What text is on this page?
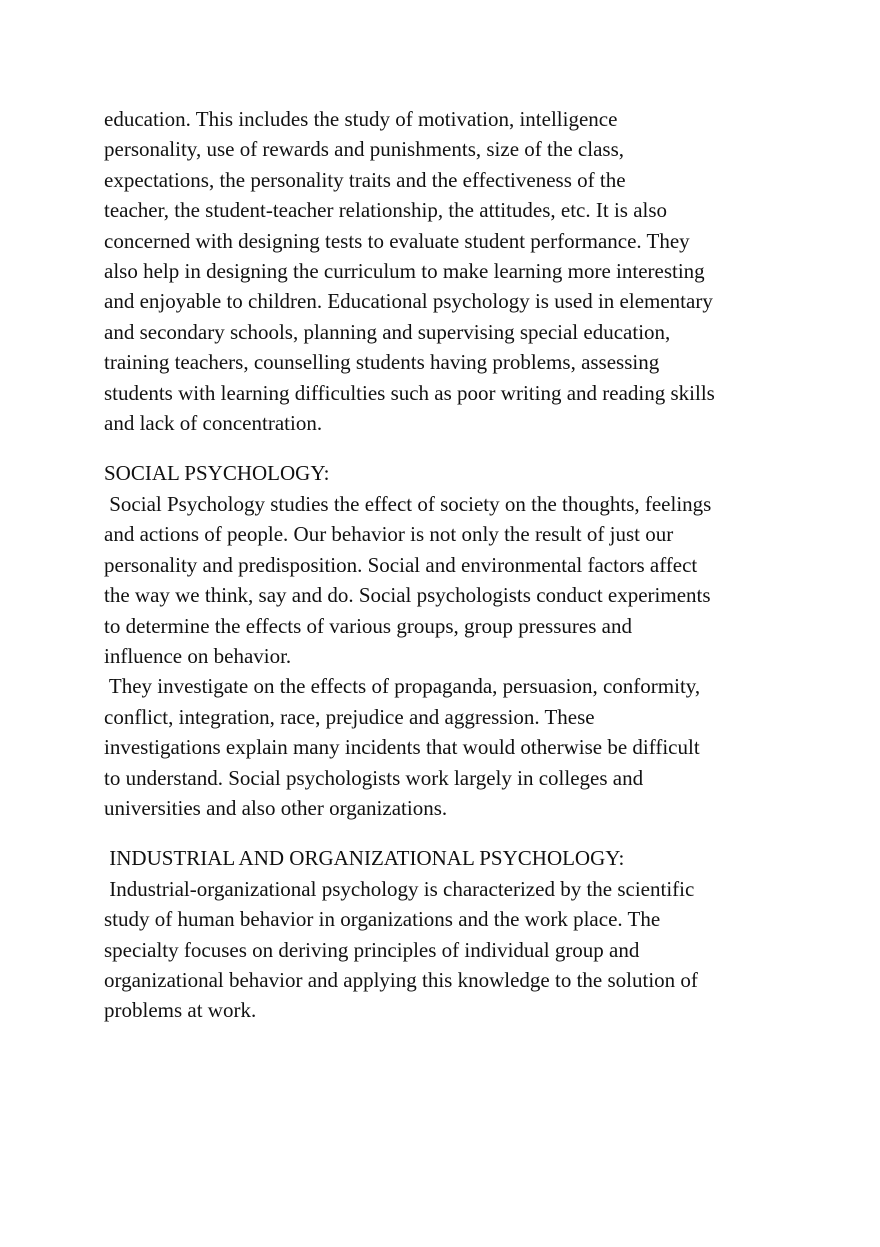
education. This includes the study of motivation, intelligence
personality, use of rewards and punishments, size of the class,
expectations, the personality traits and the effectiveness of the
teacher, the student-teacher relationship, the attitudes, etc. It is also
concerned with designing tests to evaluate student performance. They
also help in designing the curriculum to make learning more interesting
and enjoyable to children. Educational psychology is used in elementary
and secondary schools, planning and supervising special education,
training teachers, counselling students having problems, assessing
students with learning difficulties such as poor writing and reading skills
and lack of concentration.
SOCIAL PSYCHOLOGY:
Social Psychology studies the effect of society on the thoughts, feelings
and actions of people. Our behavior is not only the result of just our
personality and predisposition. Social and environmental factors affect
the way we think, say and do. Social psychologists conduct experiments
to determine the effects of various groups, group pressures and
influence on behavior.
They investigate on the effects of propaganda, persuasion, conformity,
conflict, integration, race, prejudice and aggression. These
investigations explain many incidents that would otherwise be difficult
to understand. Social psychologists work largely in colleges and
universities and also other organizations.
INDUSTRIAL AND ORGANIZATIONAL PSYCHOLOGY:
Industrial-organizational psychology is characterized by the scientific
study of human behavior in organizations and the work place. The
specialty focuses on deriving principles of individual group and
organizational behavior and applying this knowledge to the solution of
problems at work.
